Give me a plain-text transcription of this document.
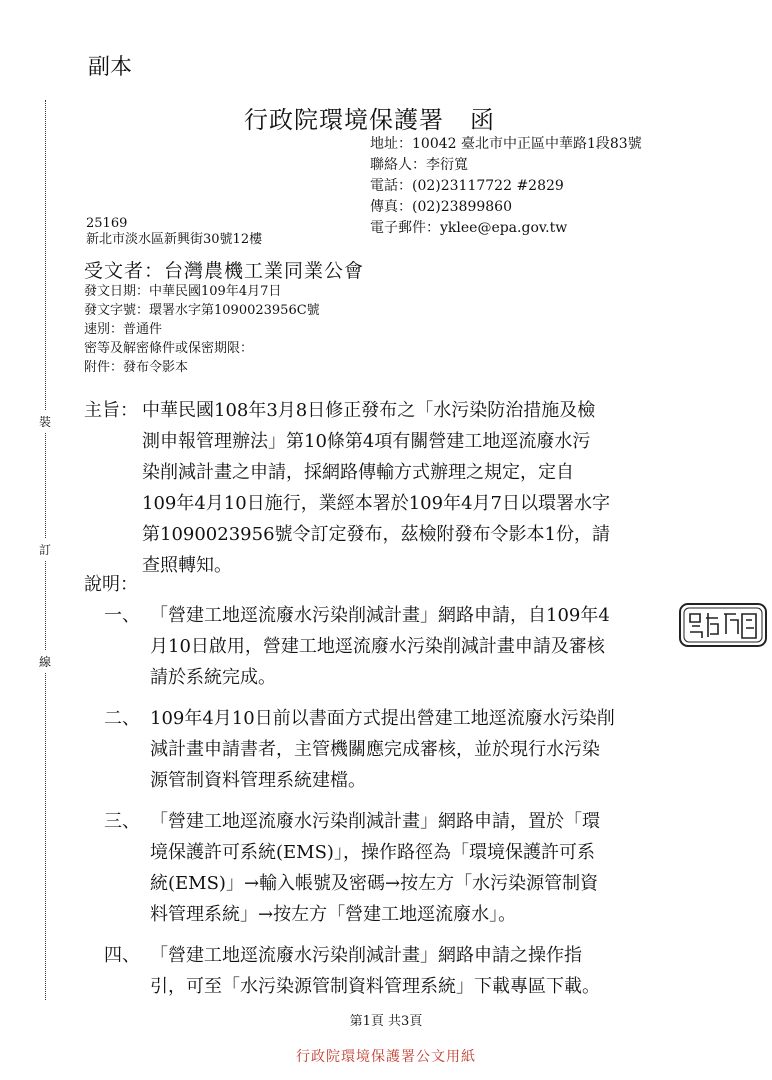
裝
訂
線
副本
行政院環境保護署 函
地址：10042 臺北市中正區中華路1段83號
聯絡人：李衍寬
電話：(02)23117722 #2829
傳真：(02)23899860
電子郵件：yklee@epa.gov.tw
25169
新北市淡水區新興街30號12樓
受文者：台灣農機工業同業公會
發文日期：中華民國109年4月7日
發文字號：環署水字第1090023956C號
速別：普通件
密等及解密條件或保密期限：
附件：發布令影本
主旨： 中華民國108年3月8日修正發布之「水污染防治措施及檢
測申報管理辦法」第10條第4項有關營建工地逕流廢水污
染削減計畫之申請，採網路傳輸方式辦理之規定，定自
109年4月10日施行，業經本署於109年4月7日以環署水字
第1090023956號令訂定發布，茲檢附發布令影本1份，請
查照轉知。
說明：
一、 「營建工地逕流廢水污染削減計畫」網路申請，自109年4
月10日啟用，營建工地逕流廢水污染削減計畫申請及審核
請於系統完成。
二、 109年4月10日前以書面方式提出營建工地逕流廢水污染削
減計畫申請書者，主管機關應完成審核，並於現行水污染
源管制資料管理系統建檔。
三、 「營建工地逕流廢水污染削減計畫」網路申請，置於「環
境保護許可系統(EMS)」，操作路徑為「環境保護許可系
統(EMS)」→輸入帳號及密碼→按左方「水污染源管制資
料管理系統」→按左方「營建工地逕流廢水」。
四、 「營建工地逕流廢水污染削減計畫」網路申請之操作指
引，可至「水污染源管制資料管理系統」下載專區下載。
第1頁 共3頁
行政院環境保護署公文用紙
